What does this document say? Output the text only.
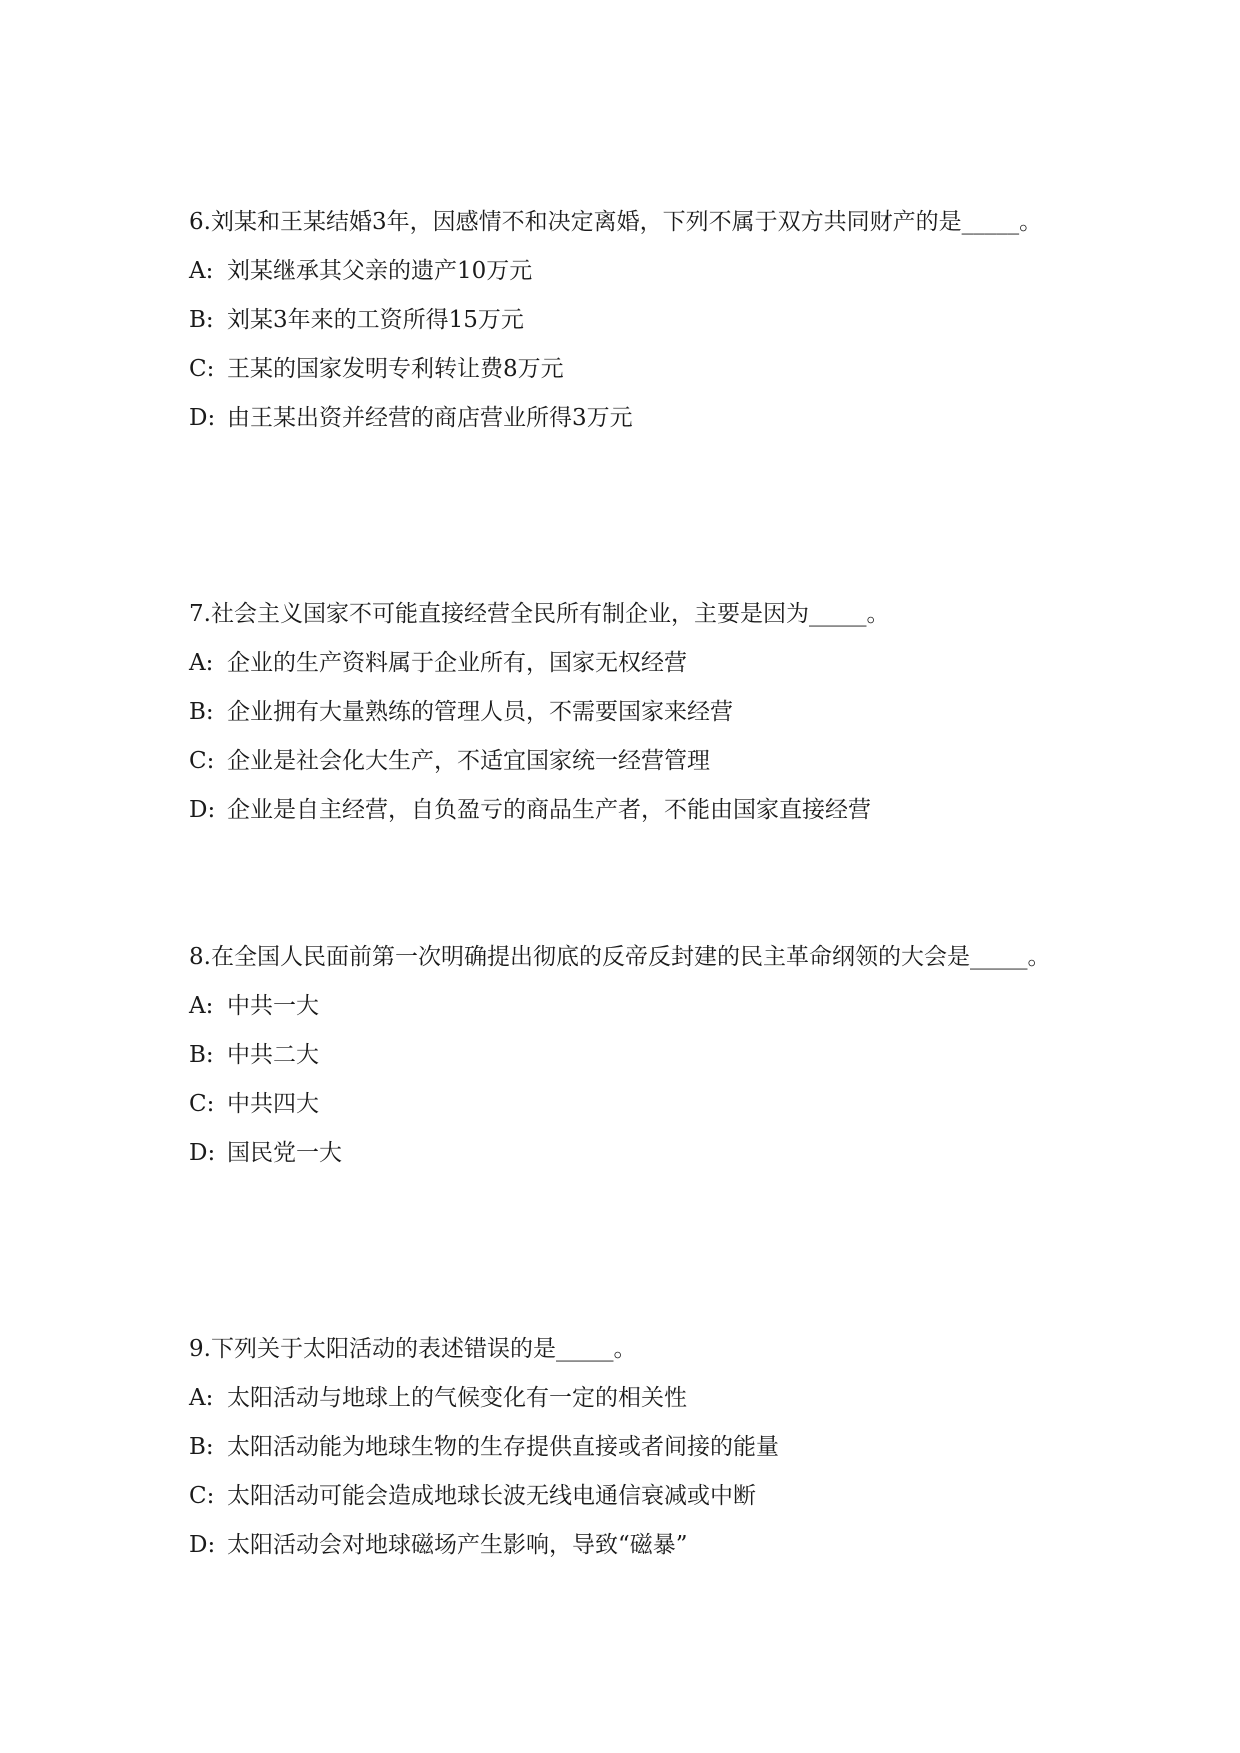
6.刘某和王某结婚3年，因感情不和决定离婚，下列不属于双方共同财产的是_____。

A: 刘某继承其父亲的遗产10万元

B: 刘某3年来的工资所得15万元

C: 王某的国家发明专利转让费8万元

D: 由王某出资并经营的商店营业所得3万元

7.社会主义国家不可能直接经营全民所有制企业，主要是因为_____。

A: 企业的生产资料属于企业所有，国家无权经营

B: 企业拥有大量熟练的管理人员，不需要国家来经营

C: 企业是社会化大生产，不适宜国家统一经营管理

D: 企业是自主经营，自负盈亏的商品生产者，不能由国家直接经营

8.在全国人民面前第一次明确提出彻底的反帝反封建的民主革命纲领的大会是_____。

A: 中共一大

B: 中共二大

C: 中共四大

D: 国民党一大

9.下列关于太阳活动的表述错误的是_____。

A: 太阳活动与地球上的气候变化有一定的相关性

B: 太阳活动能为地球生物的生存提供直接或者间接的能量

C: 太阳活动可能会造成地球长波无线电通信衰减或中断

D: 太阳活动会对地球磁场产生影响，导致“磁暴”
